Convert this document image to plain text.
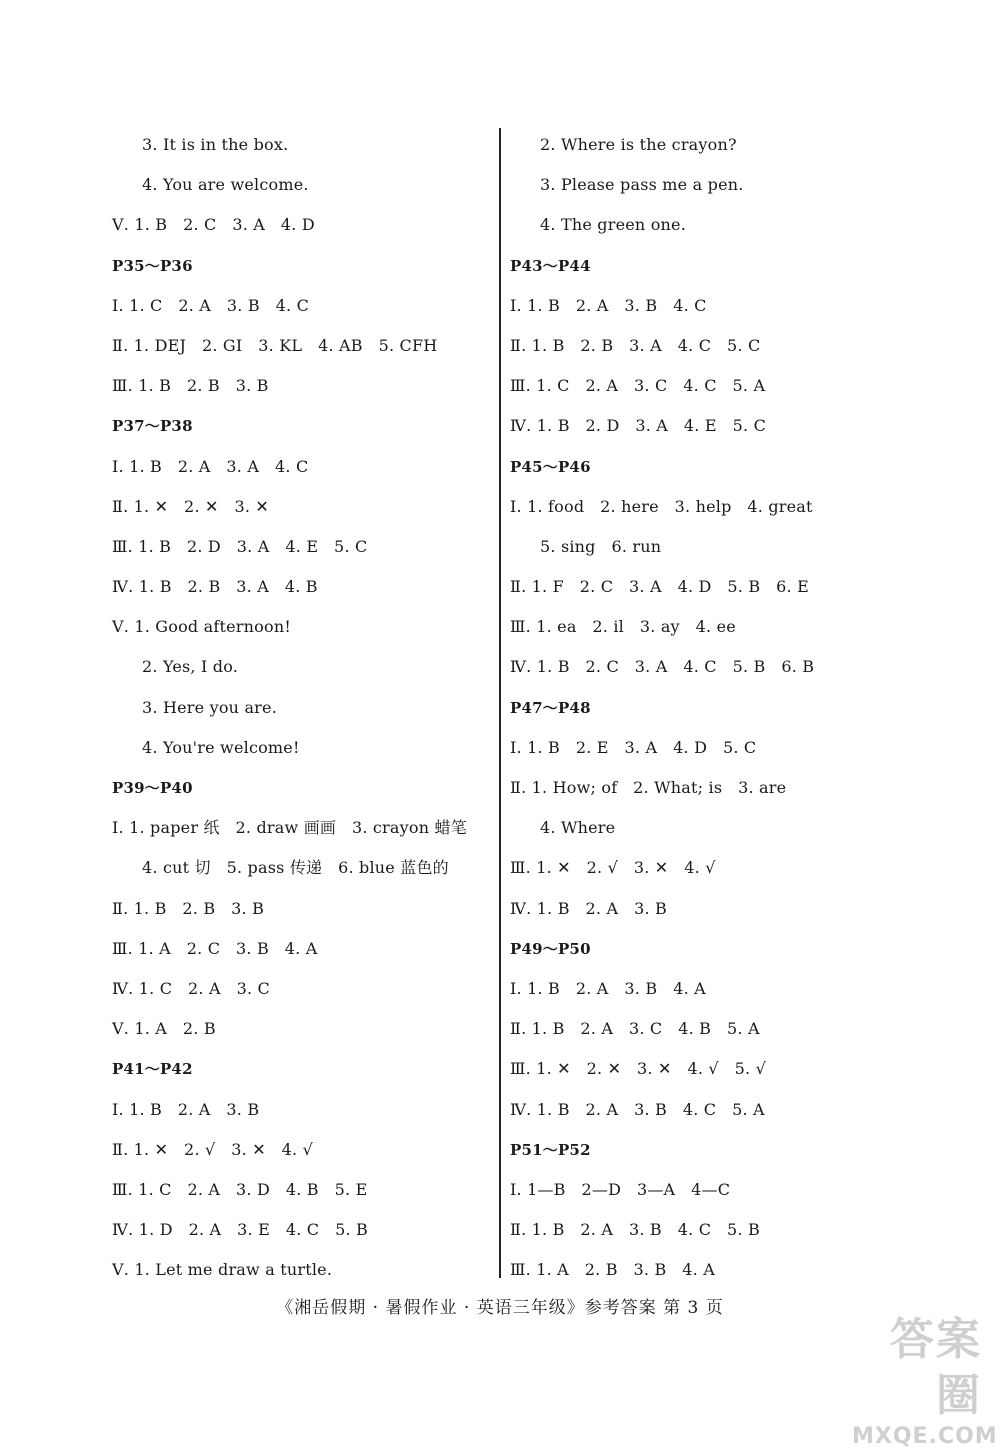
3. It is in the box.
4. You are welcome.
Ⅴ. 1. B   2. C   3. A   4. D
P35～P36
Ⅰ. 1. C   2. A   3. B   4. C
Ⅱ. 1. DEJ   2. GI   3. KL   4. AB   5. CFH
Ⅲ. 1. B   2. B   3. B
P37～P38
Ⅰ. 1. B   2. A   3. A   4. C
Ⅱ. 1. ✕   2. ✕   3. ✕
Ⅲ. 1. B   2. D   3. A   4. E   5. C
Ⅳ. 1. B   2. B   3. A   4. B
Ⅴ. 1. Good afternoon!
2. Yes, I do.
3. Here you are.
4. You're welcome!
P39～P40
Ⅰ. 1. paper 纸   2. draw 画画   3. crayon 蜡笔
4. cut 切   5. pass 传递   6. blue 蓝色的
Ⅱ. 1. B   2. B   3. B
Ⅲ. 1. A   2. C   3. B   4. A
Ⅳ. 1. C   2. A   3. C
Ⅴ. 1. A   2. B
P41～P42
Ⅰ. 1. B   2. A   3. B
Ⅱ. 1. ✕   2. √   3. ✕   4. √
Ⅲ. 1. C   2. A   3. D   4. B   5. E
Ⅳ. 1. D   2. A   3. E   4. C   5. B
Ⅴ. 1. Let me draw a turtle.
2. Where is the crayon?
3. Please pass me a pen.
4. The green one.
P43～P44
Ⅰ. 1. B   2. A   3. B   4. C
Ⅱ. 1. B   2. B   3. A   4. C   5. C
Ⅲ. 1. C   2. A   3. C   4. C   5. A
Ⅳ. 1. B   2. D   3. A   4. E   5. C
P45～P46
Ⅰ. 1. food   2. here   3. help   4. great
5. sing   6. run
Ⅱ. 1. F   2. C   3. A   4. D   5. B   6. E
Ⅲ. 1. ea   2. il   3. ay   4. ee
Ⅳ. 1. B   2. C   3. A   4. C   5. B   6. B
P47～P48
Ⅰ. 1. B   2. E   3. A   4. D   5. C
Ⅱ. 1. How; of   2. What; is   3. are
4. Where
Ⅲ. 1. ✕   2. √   3. ✕   4. √
Ⅳ. 1. B   2. A   3. B
P49～P50
Ⅰ. 1. B   2. A   3. B   4. A
Ⅱ. 1. B   2. A   3. C   4. B   5. A
Ⅲ. 1. ✕   2. ✕   3. ✕   4. √   5. √
Ⅳ. 1. B   2. A   3. B   4. C   5. A
P51～P52
Ⅰ. 1—B   2—D   3—A   4—C
Ⅱ. 1. B   2. A   3. B   4. C   5. B
Ⅲ. 1. A   2. B   3. B   4. A
《湘岳假期 · 暑假作业 · 英语三年级》参考答案 第 3 页
答案圈
MXQE.COM
